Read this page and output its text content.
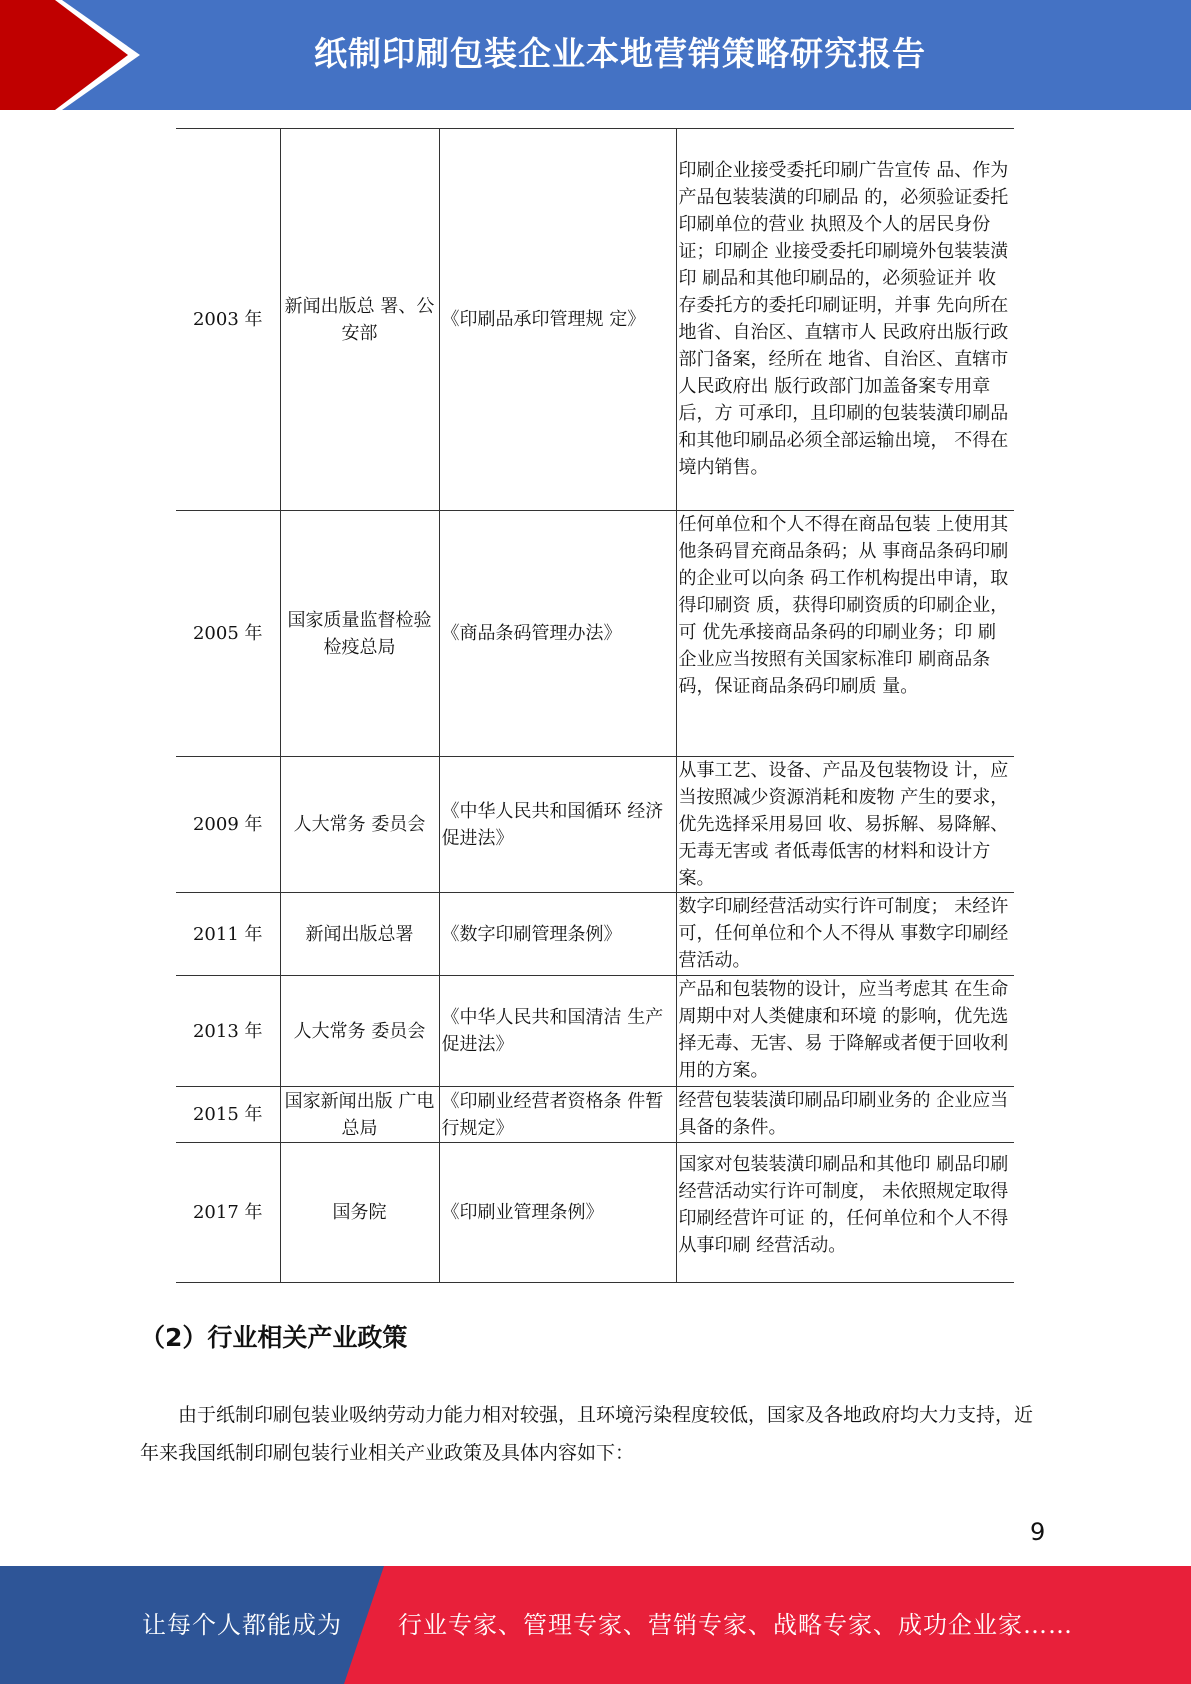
纸制印刷包装企业本地营销策略研究报告
2003 年	新闻出版总 署、公安部	《印刷品承印管理规 定》	印刷企业接受委托印刷广告宣传 品、作为产品包装装潢的印刷品 的，必须验证委托印刷单位的营业 执照及个人的居民身份证；印刷企 业接受委托印刷境外包装装潢印 刷品和其他印刷品的，必须验证并 收存委托方的委托印刷证明，并事 先向所在地省、自治区、直辖市人 民政府出版行政部门备案，经所在 地省、自治区、直辖市人民政府出 版行政部门加盖备案专用章后，方 可承印，且印刷的包装装潢印刷品和其他印刷品必须全部运输出境， 不得在境内销售。
2005 年	国家质量监督检验检疫总局	《商品条码管理办法》	任何单位和个人不得在商品包装 上使用其他条码冒充商品条码；从 事商品条码印刷的企业可以向条 码工作机构提出申请，取得印刷资 质，获得印刷资质的印刷企业，可 优先承接商品条码的印刷业务；印 刷企业应当按照有关国家标准印 刷商品条码，保证商品条码印刷质 量。
2009 年	人大常务 委员会	《中华人民共和国循环 经济促进法》	从事工艺、设备、产品及包装物设 计，应当按照减少资源消耗和废物 产生的要求，优先选择采用易回 收、易拆解、易降解、无毒无害或 者低毒低害的材料和设计方案。
2011 年	新闻出版总署	《数字印刷管理条例》	数字印刷经营活动实行许可制度； 未经许可，任何单位和个人不得从 事数字印刷经营活动。
2013 年	人大常务 委员会	《中华人民共和国清洁 生产促进法》	产品和包装物的设计，应当考虑其 在生命周期中对人类健康和环境 的影响，优先选择无毒、无害、易 于降解或者便于回收利用的方案。
2015 年	国家新闻出版 广电总局	《印刷业经营者资格条 件暂行规定》	经营包装装潢印刷品印刷业务的 企业应当具备的条件。
2017 年	国务院	《印刷业管理条例》	国家对包装装潢印刷品和其他印 刷品印刷经营活动实行许可制度， 未依照规定取得印刷经营许可证 的，任何单位和个人不得从事印刷 经营活动。
（2）行业相关产业政策

由于纸制印刷包装业吸纳劳动力能力相对较强，且环境污染程度较低，国家及各地政府均大力支持，近年来我国纸制印刷包装行业相关产业政策及具体内容如下：

9
让每个人都能成为 行业专家、管理专家、营销专家、战略专家、成功企业家……
